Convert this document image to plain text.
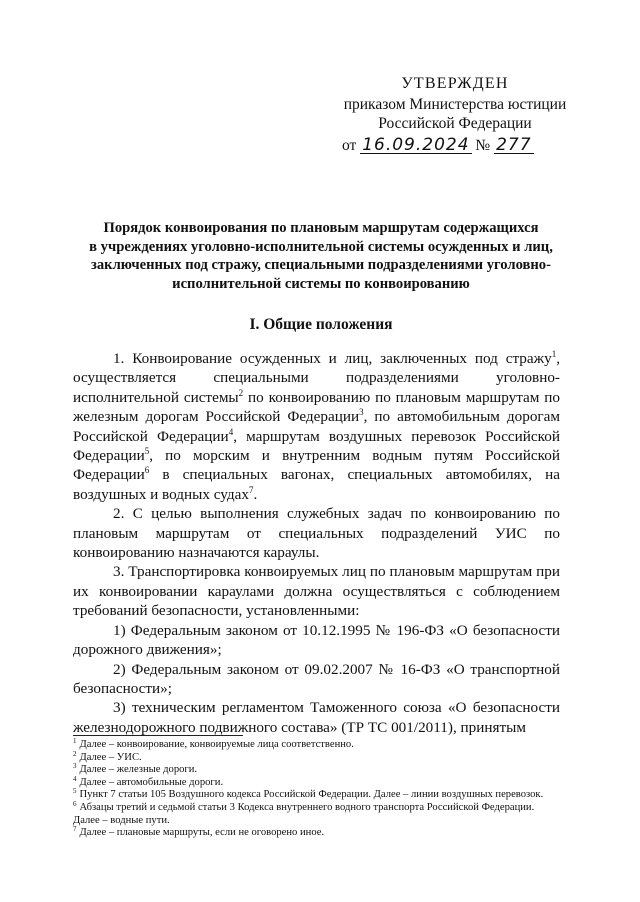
УТВЕРЖДЕН
приказом Министерства юстиции
Российской Федерации
от 16.09.2024 № 277
Порядок конвоирования по плановым маршрутам содержащихся
в учреждениях уголовно-исполнительной системы осужденных и лиц,
заключенных под стражу, специальными подразделениями уголовно-
исполнительной системы по конвоированию
I. Общие положения

1. Конвоирование осужденных и лиц, заключенных под стражу$^1$, осуществляется специальными подразделениями уголовно-исполнительной системы$^2$ по конвоированию по плановым маршрутам по железным дорогам Российской Федерации$^3$, по автомобильным дорогам Российской Федерации$^4$, маршрутам воздушных перевозок Российской Федерации$^5$, по морским и внутренним водным путям Российской Федерации$^6$ в специальных вагонах, специальных автомобилях, на воздушных и водных судах$^7$.

2. С целью выполнения служебных задач по конвоированию по плановым маршрутам от специальных подразделений УИС по конвоированию назначаются караулы.

3. Транспортировка конвоируемых лиц по плановым маршрутам при их конвоировании караулами должна осуществляться с соблюдением требований безопасности, установленными:

1) Федеральным законом от 10.12.1995 № 196-ФЗ «О безопасности дорожного движения»;

2) Федеральным законом от 09.02.2007 № 16-ФЗ «О транспортной безопасности»;

3) техническим регламентом Таможенного союза «О безопасности железнодорожного подвижного состава» (ТР ТС 001/2011), принятым

$^1$ Далее – конвоирование, конвоируемые лица соответственно.
$^2$ Далее – УИС.
$^3$ Далее – железные дороги.
$^4$ Далее – автомобильные дороги.
$^5$ Пункт 7 статьи 105 Воздушного кодекса Российской Федерации. Далее – линии воздушных перевозок.
$^6$ Абзацы третий и седьмой статьи 3 Кодекса внутреннего водного транспорта Российской Федерации. Далее – водные пути.
$^7$ Далее – плановые маршруты, если не оговорено иное.
